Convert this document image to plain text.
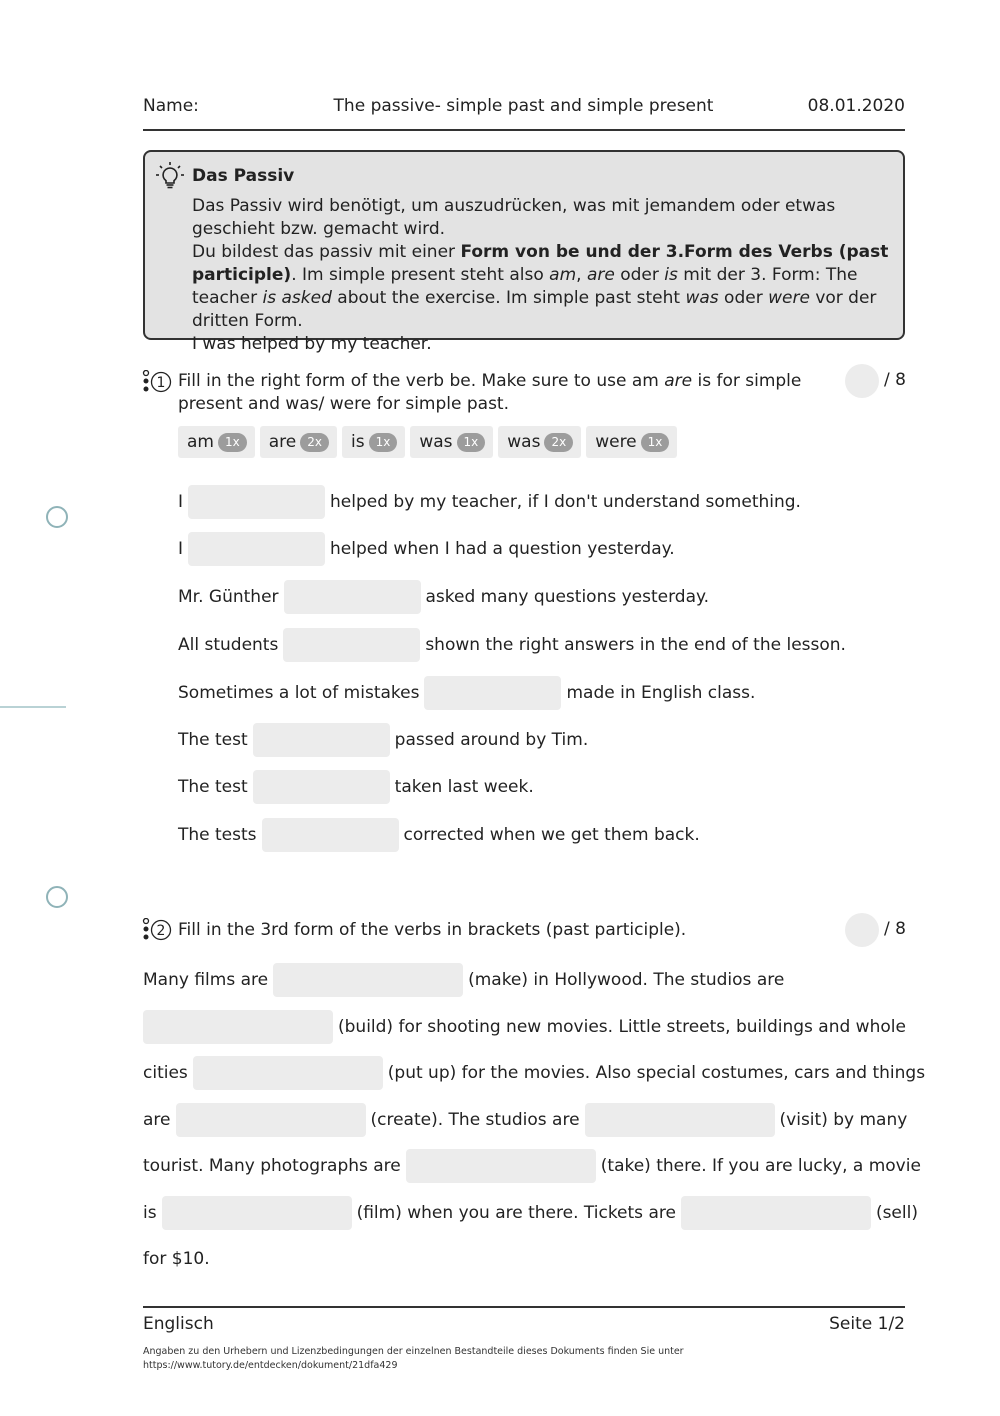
Name:	The passive- simple past and simple present	08.01.2020
Das Passiv
Das Passiv wird benötigt, um auszudrücken, was mit jemandem oder etwas geschieht bzw. gemacht wird.
Du bildest das passiv mit einer Form von be und der 3.Form des Verbs (past participle). Im simple present steht also am, are oder is mit der 3. Form: The teacher is asked about the exercise. Im simple past steht was oder were vor der dritten Form.
I was helped by my teacher.
1 Fill in the right form of the verb be. Make sure to use am are is for simple present and was/ were for simple past.
/ 8
am 1x	are 2x	is 1x	was 1x	was 2x	were 1x
I	helped by my teacher, if I don't understand something.
I	helped when I had a question yesterday.
Mr. Günther	asked many questions yesterday.
All students	shown the right answers in the end of the lesson.
Sometimes a lot of mistakes	made in English class.
The test	passed around by Tim.
The test	taken last week.
The tests	corrected when we get them back.
2 Fill in the 3rd form of the verbs in brackets (past participle).	/ 8
Many films are	(make) in Hollywood. The studios are
(build) for shooting new movies. Little streets, buildings and whole
cities	(put up) for the movies. Also special costumes, cars and things
are	(create). The studios are	(visit) by many
tourist. Many photographs are	(take) there. If you are lucky, a movie
is	(film) when you are there. Tickets are	(sell)
for $10.
Englisch	Seite 1/2
Angaben zu den Urhebern und Lizenzbedingungen der einzelnen Bestandteile dieses Dokuments finden Sie unter
https://www.tutory.de/entdecken/dokument/21dfa429
